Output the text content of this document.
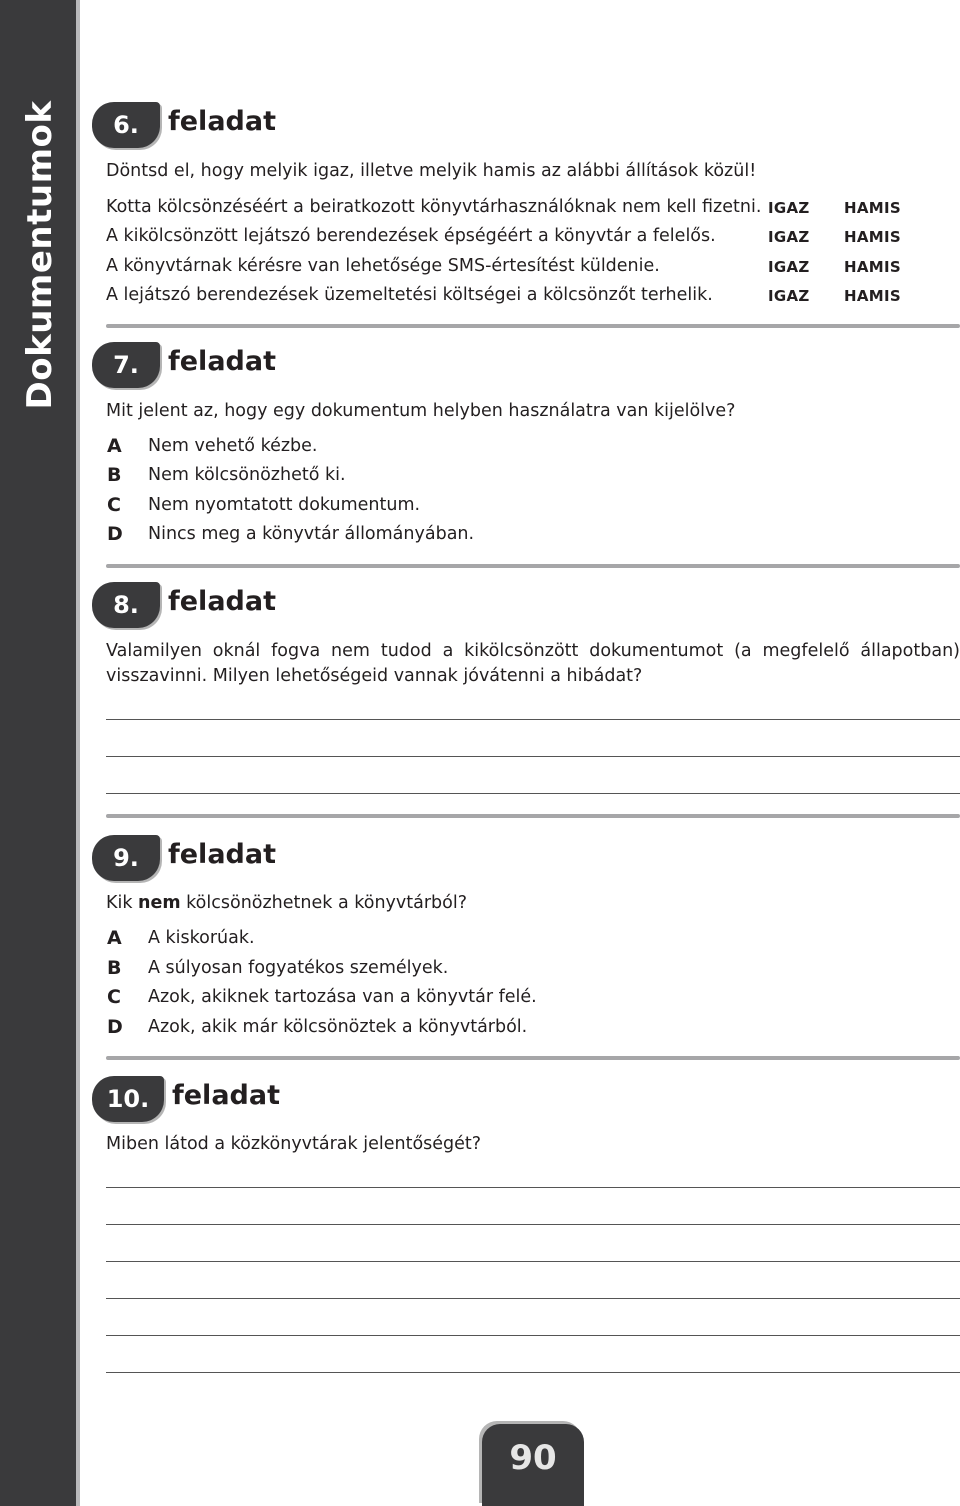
Dokumentumok	6.	feladat
Döntsd el, hogy melyik igaz, illetve melyik hamis az alábbi állítások közül!
Kotta kölcsönzéséért a beiratkozott könyvtárhasználóknak nem kell fizetni. IGAZ HAMIS
A kikölcsönzött lejátszó berendezések épségéért a könyvtár a felelős.	IGAZ HAMIS
A könyvtárnak kérésre van lehetősége SMS-értesítést küldenie.	IGAZ HAMIS
A lejátszó berendezések üzemeltetési költségei a kölcsönzőt terhelik.	IGAZ HAMIS
7.	feladat
Mit jelent az, hogy egy dokumentum helyben használatra van kijelölve?
A Nem vehető kézbe.
B Nem kölcsönözhető ki.
C Nem nyomtatott dokumentum.
D Nincs meg a könyvtár állományában.
8.	feladat
Valamilyen oknál fogva nem tudod a kikölcsönzött dokumentumot (a megfelelő állapotban) visszavinni. Milyen lehetőségeid vannak jóvátenni a hibádat?
9.	feladat
Kik nem kölcsönözhetnek a könyvtárból?
A A kiskorúak.
B A súlyosan fogyatékos személyek.
C Azok, akiknek tartozása van a könyvtár felé.
D Azok, akik már kölcsönöztek a könyvtárból.
10. feladat
Miben látod a közkönyvtárak jelentőségét?
90
